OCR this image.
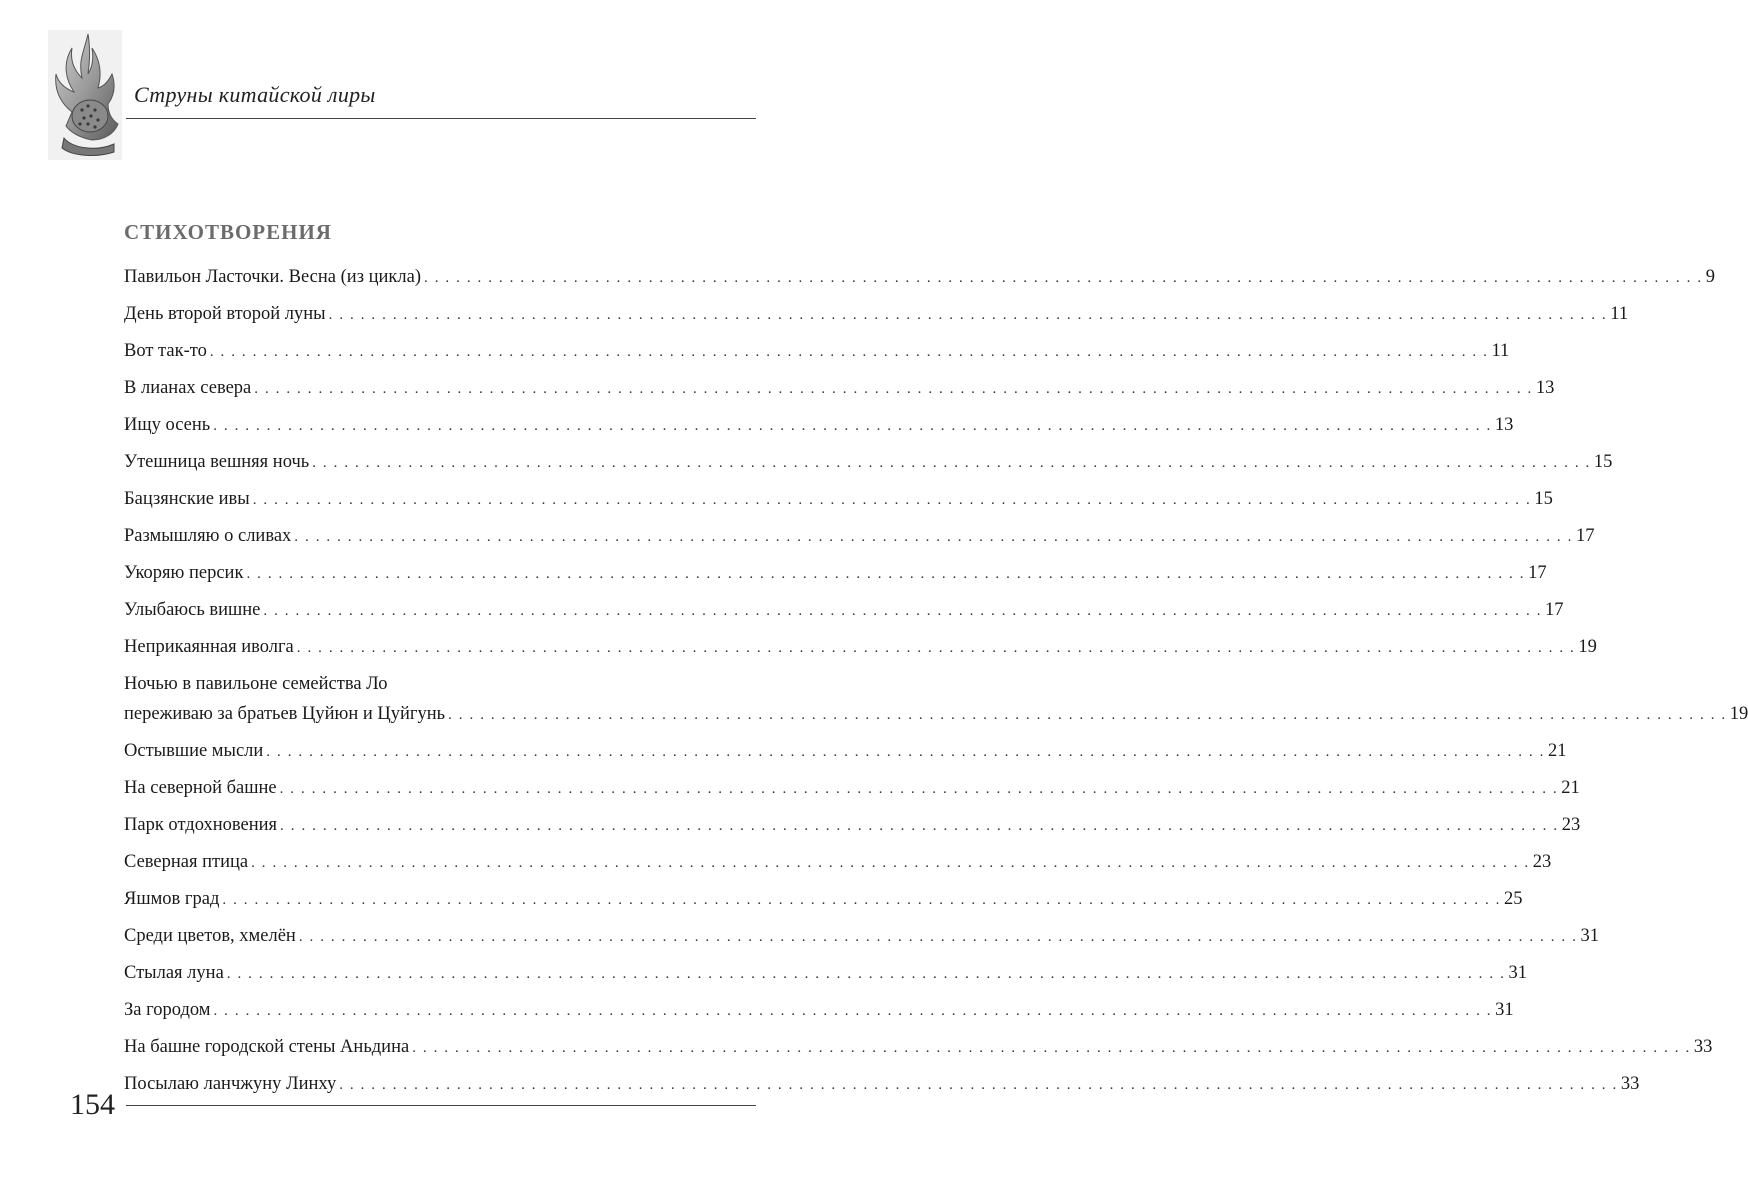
Струны китайской лиры
СТИХОТВОРЕНИЯ
Павильон Ласточки. Весна (из цикла) . . . . . . . . . . . . . . . . . . . . . . . . . . . . . . . . . . . . . . . . . . . . . . . . . . . . . . . . . . . . . . . . . . . . . . . . . . . . . . . . . . . . . . . . . . . . . . . . . . . . . . . . . . . . . . . . . . . . . . . . 9
День второй второй луны . . . . . . . . . . . . . . . . . . . . . . . . . . . . . . . . . . . . . . . . . . . . . . . . . . . . . . . . . . . . . . . . . . . . . . . . . . . . . . . . . . . . . . . . . . . . . . . . . . . . . . . . . . . . . . . . . . . . . . . . 11
Вот так-то . . . . . . . . . . . . . . . . . . . . . . . . . . . . . . . . . . . . . . . . . . . . . . . . . . . . . . . . . . . . . . . . . . . . . . . . . . . . . . . . . . . . . . . . . . . . . . . . . . . . . . . . . . . . . . . . . . . . . . . . 11
В лианах севера . . . . . . . . . . . . . . . . . . . . . . . . . . . . . . . . . . . . . . . . . . . . . . . . . . . . . . . . . . . . . . . . . . . . . . . . . . . . . . . . . . . . . . . . . . . . . . . . . . . . . . . . . . . . . . . . . . . . . . . . 13
Ищу осень . . . . . . . . . . . . . . . . . . . . . . . . . . . . . . . . . . . . . . . . . . . . . . . . . . . . . . . . . . . . . . . . . . . . . . . . . . . . . . . . . . . . . . . . . . . . . . . . . . . . . . . . . . . . . . . . . . . . . . . . 13
Утешница вешняя ночь . . . . . . . . . . . . . . . . . . . . . . . . . . . . . . . . . . . . . . . . . . . . . . . . . . . . . . . . . . . . . . . . . . . . . . . . . . . . . . . . . . . . . . . . . . . . . . . . . . . . . . . . . . . . . . . . . . . . . . . . 15
Бацзянские ивы . . . . . . . . . . . . . . . . . . . . . . . . . . . . . . . . . . . . . . . . . . . . . . . . . . . . . . . . . . . . . . . . . . . . . . . . . . . . . . . . . . . . . . . . . . . . . . . . . . . . . . . . . . . . . . . . . . . . . . . . 15
Размышляю о сливах . . . . . . . . . . . . . . . . . . . . . . . . . . . . . . . . . . . . . . . . . . . . . . . . . . . . . . . . . . . . . . . . . . . . . . . . . . . . . . . . . . . . . . . . . . . . . . . . . . . . . . . . . . . . . . . . . . . . . . . . 17
Укоряю персик . . . . . . . . . . . . . . . . . . . . . . . . . . . . . . . . . . . . . . . . . . . . . . . . . . . . . . . . . . . . . . . . . . . . . . . . . . . . . . . . . . . . . . . . . . . . . . . . . . . . . . . . . . . . . . . . . . . . . . . . 17
Улыбаюсь вишне . . . . . . . . . . . . . . . . . . . . . . . . . . . . . . . . . . . . . . . . . . . . . . . . . . . . . . . . . . . . . . . . . . . . . . . . . . . . . . . . . . . . . . . . . . . . . . . . . . . . . . . . . . . . . . . . . . . . . . . . 17
Неприкаянная иволга . . . . . . . . . . . . . . . . . . . . . . . . . . . . . . . . . . . . . . . . . . . . . . . . . . . . . . . . . . . . . . . . . . . . . . . . . . . . . . . . . . . . . . . . . . . . . . . . . . . . . . . . . . . . . . . . . . . . . . . . 19
Ночью в павильоне семейства Ло
переживаю за братьев Цуйюн и Цуйгунь . . . . . . . . . . . . . . . . . . . . . . . . . . . . . . . . . . . . . . . . . . . . . . . . . . . . . . . . . . . . . . . . . . . . . . . . . . . . . . . . . . . . . . . . . . . . . . . . . . . . . . . . . . . . . . . . . . . . . . . . 19
Остывшие мысли . . . . . . . . . . . . . . . . . . . . . . . . . . . . . . . . . . . . . . . . . . . . . . . . . . . . . . . . . . . . . . . . . . . . . . . . . . . . . . . . . . . . . . . . . . . . . . . . . . . . . . . . . . . . . . . . . . . . . . . . 21
На северной башне . . . . . . . . . . . . . . . . . . . . . . . . . . . . . . . . . . . . . . . . . . . . . . . . . . . . . . . . . . . . . . . . . . . . . . . . . . . . . . . . . . . . . . . . . . . . . . . . . . . . . . . . . . . . . . . . . . . . . . . . 21
Парк отдохновения . . . . . . . . . . . . . . . . . . . . . . . . . . . . . . . . . . . . . . . . . . . . . . . . . . . . . . . . . . . . . . . . . . . . . . . . . . . . . . . . . . . . . . . . . . . . . . . . . . . . . . . . . . . . . . . . . . . . . . . . 23
Северная птица . . . . . . . . . . . . . . . . . . . . . . . . . . . . . . . . . . . . . . . . . . . . . . . . . . . . . . . . . . . . . . . . . . . . . . . . . . . . . . . . . . . . . . . . . . . . . . . . . . . . . . . . . . . . . . . . . . . . . . . . 23
Яшмов град . . . . . . . . . . . . . . . . . . . . . . . . . . . . . . . . . . . . . . . . . . . . . . . . . . . . . . . . . . . . . . . . . . . . . . . . . . . . . . . . . . . . . . . . . . . . . . . . . . . . . . . . . . . . . . . . . . . . . . . . 25
Среди цветов, хмелён . . . . . . . . . . . . . . . . . . . . . . . . . . . . . . . . . . . . . . . . . . . . . . . . . . . . . . . . . . . . . . . . . . . . . . . . . . . . . . . . . . . . . . . . . . . . . . . . . . . . . . . . . . . . . . . . . . . . . . . . 31
Стылая луна . . . . . . . . . . . . . . . . . . . . . . . . . . . . . . . . . . . . . . . . . . . . . . . . . . . . . . . . . . . . . . . . . . . . . . . . . . . . . . . . . . . . . . . . . . . . . . . . . . . . . . . . . . . . . . . . . . . . . . . . 31
За городом . . . . . . . . . . . . . . . . . . . . . . . . . . . . . . . . . . . . . . . . . . . . . . . . . . . . . . . . . . . . . . . . . . . . . . . . . . . . . . . . . . . . . . . . . . . . . . . . . . . . . . . . . . . . . . . . . . . . . . . . 31
На башне городской стены Аньдина . . . . . . . . . . . . . . . . . . . . . . . . . . . . . . . . . . . . . . . . . . . . . . . . . . . . . . . . . . . . . . . . . . . . . . . . . . . . . . . . . . . . . . . . . . . . . . . . . . . . . . . . . . . . . . . . . . . . . . . . 33
Посылаю ланчжуну Линху . . . . . . . . . . . . . . . . . . . . . . . . . . . . . . . . . . . . . . . . . . . . . . . . . . . . . . . . . . . . . . . . . . . . . . . . . . . . . . . . . . . . . . . . . . . . . . . . . . . . . . . . . . . . . . . . . . . . . . . . 33
154
